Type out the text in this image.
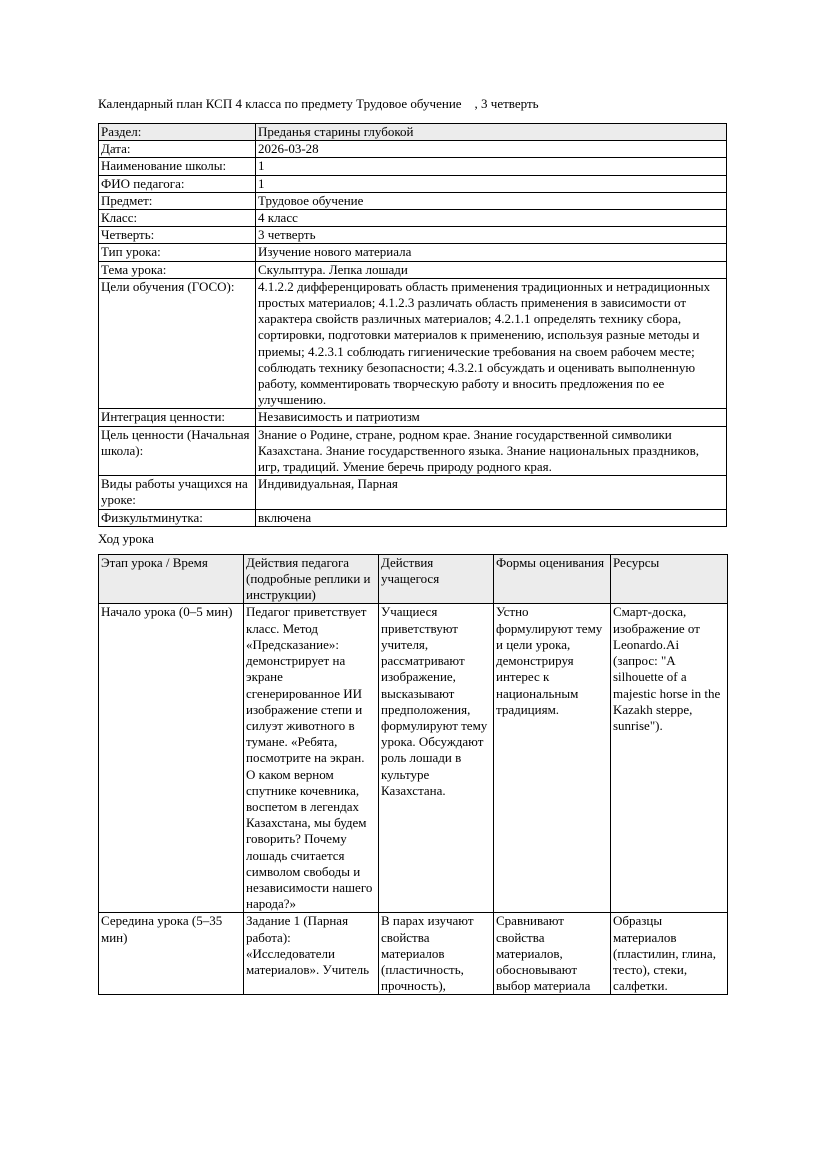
Календарный план КСП 4 класса по предмету Трудовое обучение    , 3 четверть

Раздел:	Преданья старины глубокой
Дата:	2026-03-28
Наименование школы:	1
ФИО педагога:	1
Предмет:	Трудовое обучение
Класс:	4 класс
Четверть:	3 четверть
Тип урока:	Изучение нового материала
Тема урока:	Скульптура. Лепка лошади
Цели обучения (ГОСО):	4.1.2.2 дифференцировать область применения традиционных и нетрадиционных простых материалов; 4.1.2.3 различать область применения в зависимости от характера свойств различных материалов; 4.2.1.1 определять технику сбора, сортировки, подготовки материалов к применению, используя разные методы и приемы; 4.2.3.1 соблюдать гигиенические требования на своем рабочем месте; соблюдать технику безопасности; 4.3.2.1 обсуждать и оценивать выполненную работу, комментировать творческую работу и вносить предложения по ее улучшению.
Интеграция ценности:	Независимость и патриотизм
Цель ценности (Начальная школа):	Знание о Родине, стране, родном крае. Знание государственной символики Казахстана. Знание государственного языка. Знание национальных праздников, игр, традиций. Умение беречь природу родного края.
Виды работы учащихся на уроке:	Индивидуальная, Парная
Физкультминутка:	включена

Ход урока

Этап урока / Время	Действия педагога (подробные реплики и инструкции)	Действия учащегося	Формы оценивания	Ресурсы
Начало урока (0–5 мин)	Педагог приветствует класс. Метод «Предсказание»: демонстрирует на экране сгенерированное ИИ изображение степи и силуэт животного в тумане. «Ребята, посмотрите на экран. О каком верном спутнике кочевника, воспетом в легендах Казахстана, мы будем говорить? Почему лошадь считается символом свободы и независимости нашего народа?»	Учащиеся приветствуют учителя, рассматривают изображение, высказывают предположения, формулируют тему урока. Обсуждают роль лошади в культуре Казахстана.	Устно формулируют тему и цели урока, демонстрируя интерес к национальным традициям.	Смарт-доска, изображение от Leonardo.Ai (запрос: "A silhouette of a majestic horse in the Kazakh steppe, sunrise").
Середина урока (5–35 мин)	Задание 1 (Парная работа): «Исследователи материалов». Учитель	В парах изучают свойства материалов (пластичность, прочность),	Сравнивают свойства материалов, обосновывают выбор материала	Образцы материалов (пластилин, глина, тесто), стеки, салфетки.
